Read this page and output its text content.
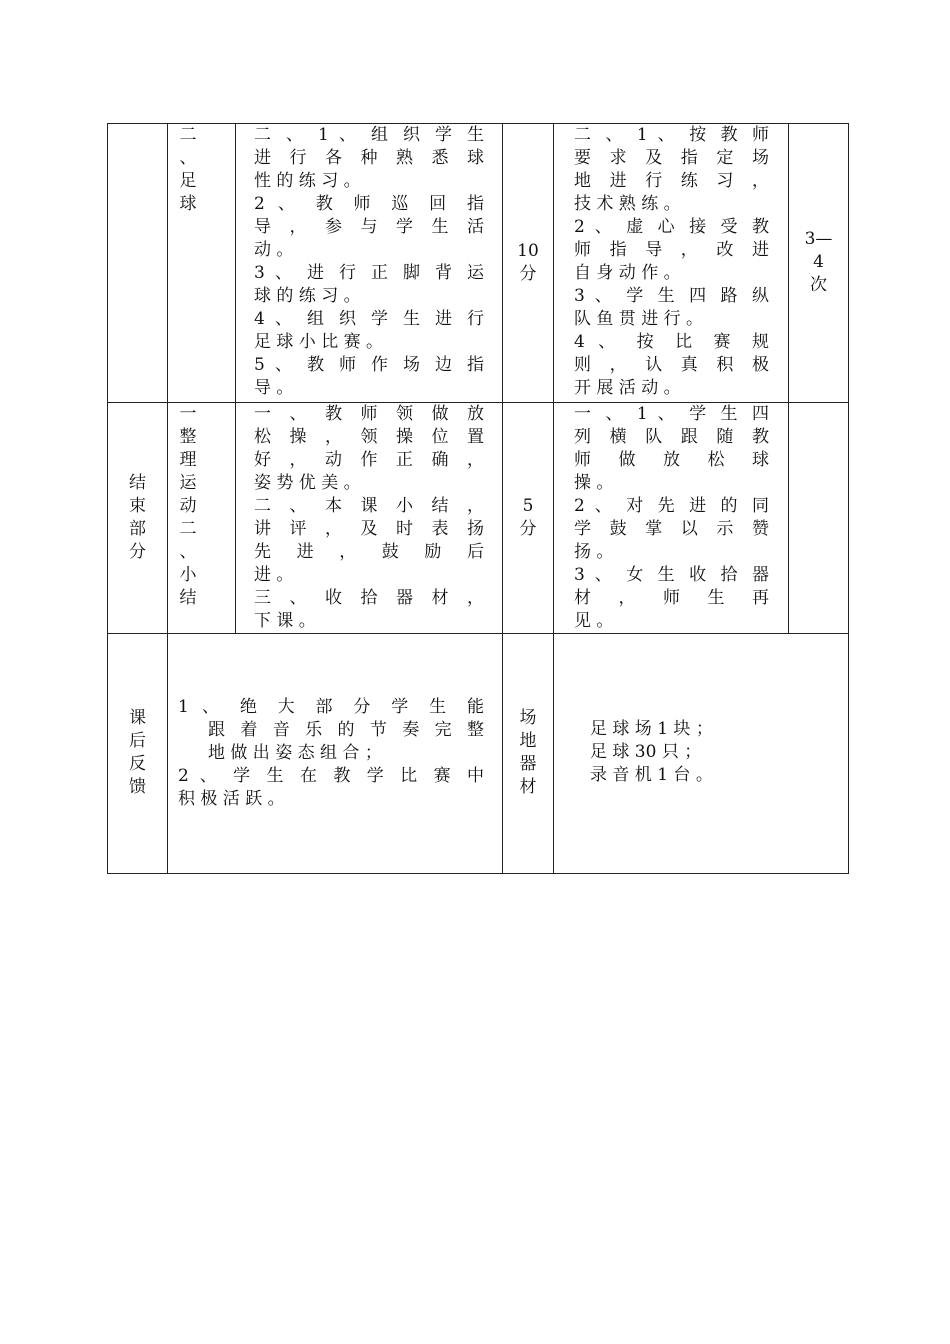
二
、
足
球
二 、 1 、 组 织 学 生
进 行 各 种 熟 悉 球
性 的 练 习 。
2 、 教 师 巡 回 指
导 ， 参 与 学 生 活
动 。
3 、 进 行 正 脚 背 运
球 的 练 习 。
4 、 组 织 学 生 进 行
足 球 小 比 赛 。
5 、 教 师 作 场 边 指
导 。
10
分
二 、 1 、 按 教 师
要 求 及 指 定 场
地 进 行 练 习 ，
技 术 熟 练 。
2 、 虚 心 接 受 教
师 指 导 ， 改 进
自 身 动 作 。
3 、 学 生 四 路 纵
队 鱼 贯 进 行 。
4 、 按 比 赛 规
则 ， 认 真 积 极
开 展 活 动 。
3—
4
次
结
束
部
分
一
整
理
运
动
二
、
小
结
一 、 教 师 领 做 放
松 操 ， 领 操 位 置
好 ， 动 作 正 确 ，
姿 势 优 美 。
二 、 本 课 小 结 ，
讲 评 ， 及 时 表 扬
先 进 ， 鼓 励 后
进 。
三 、 收 拾 器 材 ，
下 课 。
5
分
一 、 1 、 学 生 四
列 横 队 跟 随 教
师 做 放 松 球
操 。
2 、 对 先 进 的 同
学 鼓 掌 以 示 赞
扬 。
3 、 女 生 收 拾 器
材 ， 师 生 再
见 。
课
后
反
馈
1 、 绝 大 部 分 学 生 能
跟 着 音 乐 的 节 奏 完 整
地 做 出 姿 态 组 合 ；
2 、 学 生 在 教 学 比 赛 中
积 极 活 跃 。
场
地
器
材
足 球 场 1 块 ；
足 球 30 只 ；
录 音 机 1 台 。
